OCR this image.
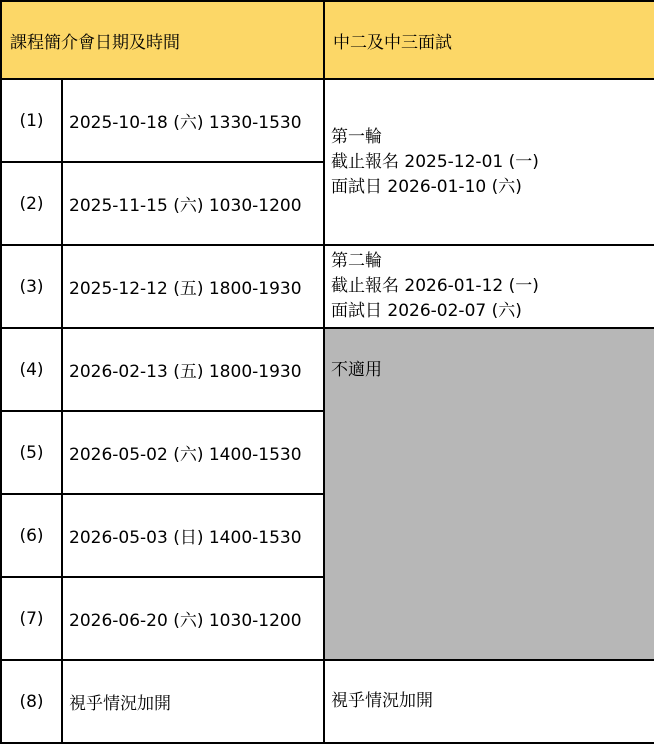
課程簡介會日期及時間		中二及中三面試
(1)	2025-10-18 (六) 1330-1530	第一輪
截止報名 2025-12-01 (一)
面試日 2026-01-10 (六)

(2)	2025-11-15 (六) 1030-1200	
(3)	2025-12-12 (五) 1800-1930	第二輪
截止報名 2026-01-12 (一)
面試日 2026-02-07 (六)

(4)	2026-02-13 (五) 1800-1930	不適用
(5)	2026-05-02 (六) 1400-1530	
(6)	2026-05-03 (日) 1400-1530	
(7)	2026-06-20 (六) 1030-1200	
(8)	視乎情況加開	視乎情況加開
